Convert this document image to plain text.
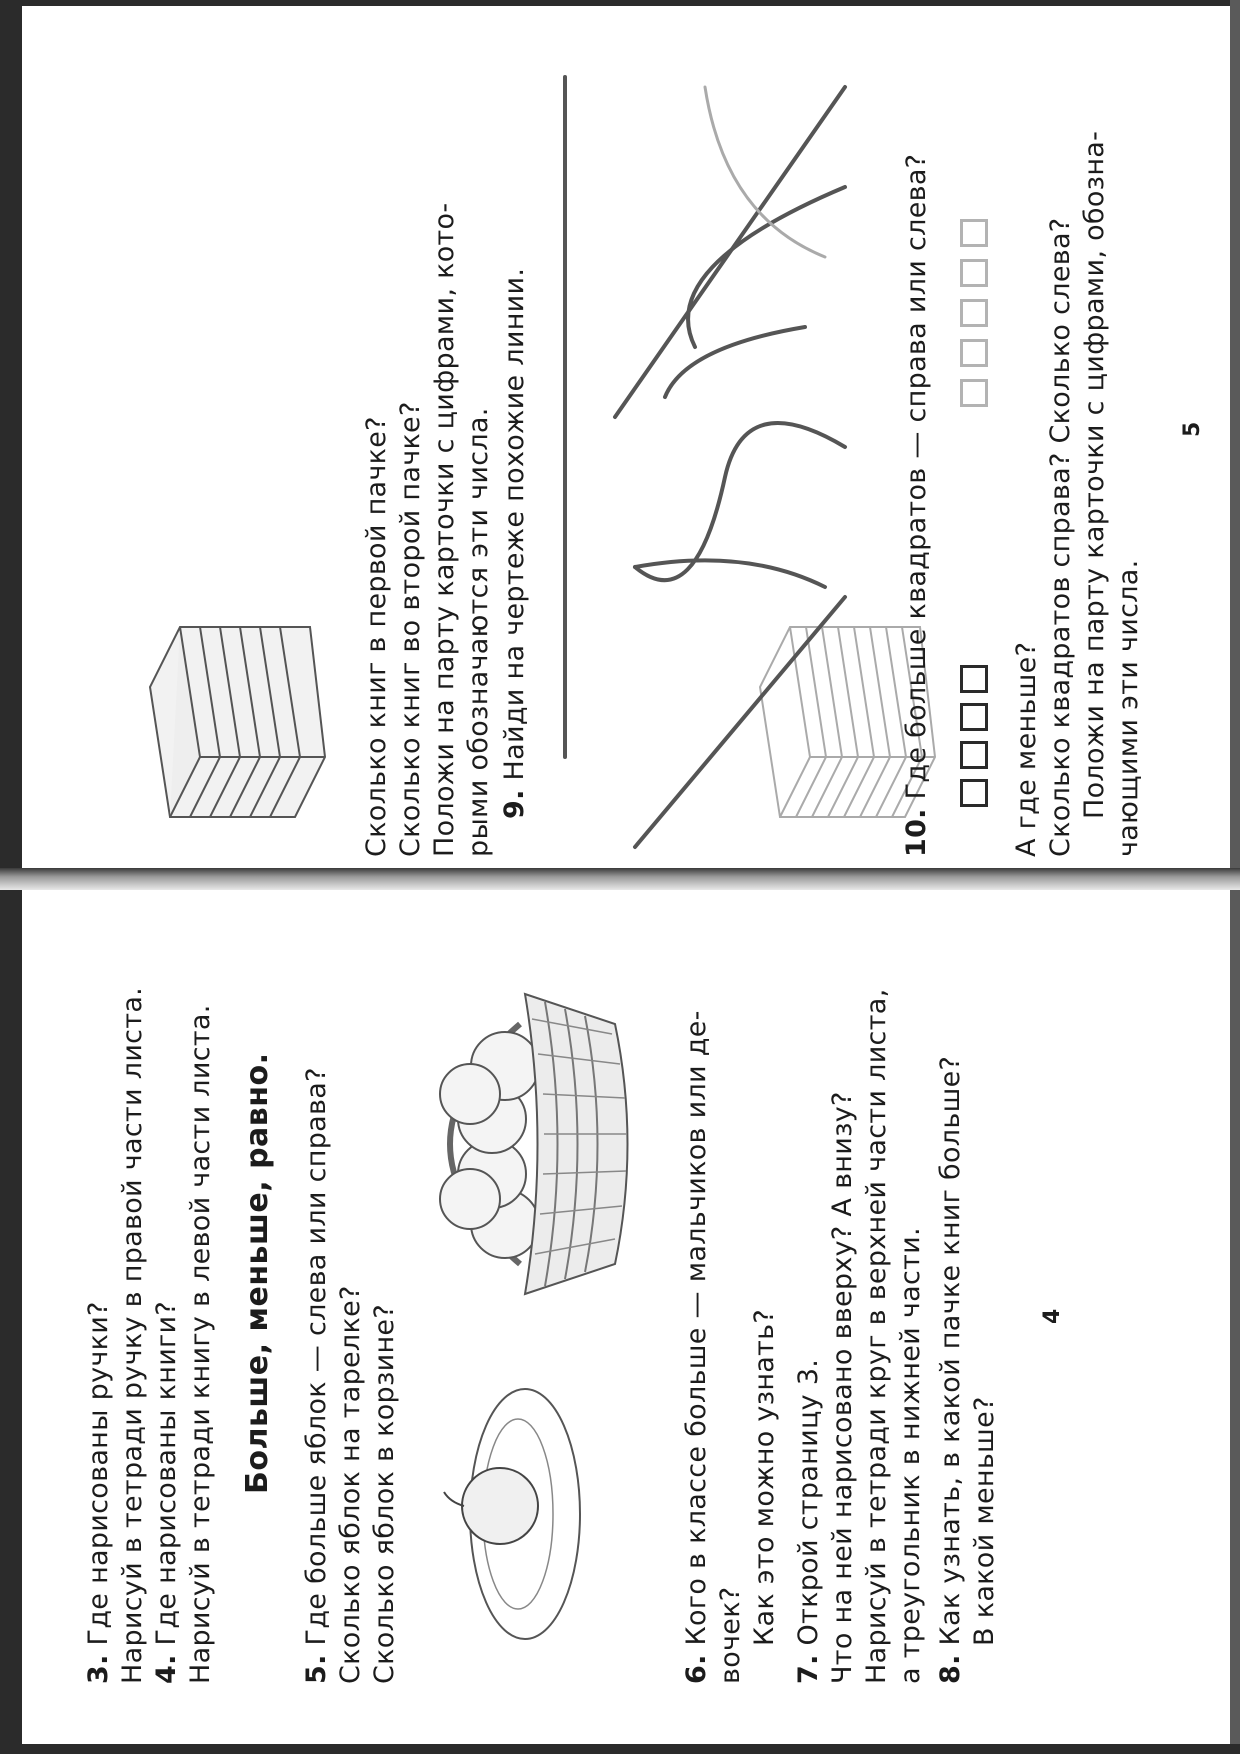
3. Где нарисованы ручки? Нарисуй в тетради ручку в правой части листа. 4. Где нарисованы книги? Нарисуй в тетради книгу в левой части листа. Больше, меньше, равно.
5. Где больше яблок — слева или справа? Сколько яблок на тарелке? Сколько яблок в корзине?	6. Кого в классе больше — мальчиков или де- вочек? Как это можно узнать?
7. Открой страницу 3. Что на ней нарисовано вверху? А внизу? Нарисуй в тетради круг в верхней части листа, а треугольник в нижней части. 8. Как узнать, в какой пачке книг больше? В какой меньше?
4
Сколько книг в первой пачке? Сколько книг во второй пачке? Положи на парту карточки с цифрами, кото- рыми обозначаются эти числа. 9. Найди на чертеже похожие линии.
10. Где больше квадратов — справа или слева?	А где меньше? Сколько квадратов справа? Сколько слева? Положи на парту карточки с цифрами, обозна- чающими эти числа.
5
